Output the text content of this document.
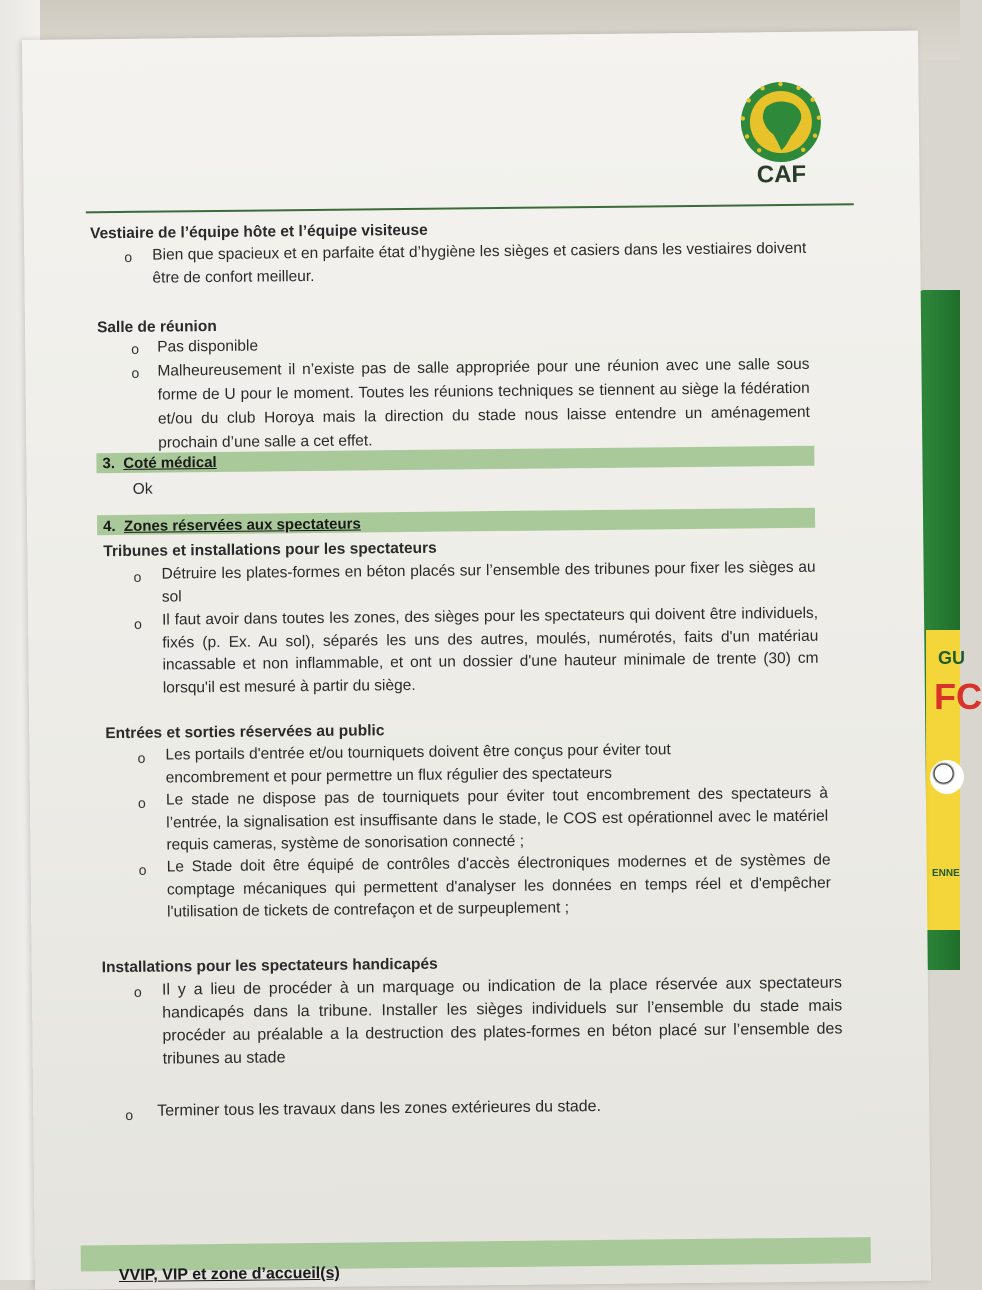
GU
FC
ENNE
CAF
Vestiaire de l’équipe hôte et l’équipe visiteuse
o Bien que spacieux et en parfaite état d’hygiène les sièges et casiers dans les vestiaires doivent être de confort meilleur.
Salle de réunion
o Pas disponible
o Malheureusement il n’existe pas de salle appropriée pour une réunion avec une salle sous forme de U pour le moment. Toutes les réunions techniques se tiennent au siège la fédération et/ou du club Horoya mais la direction du stade nous laisse entendre un aménagement prochain d’une salle a cet effet.
3. Coté médical
Ok
4. Zones réservées aux spectateurs
Tribunes et installations pour les spectateurs
o Détruire les plates-formes en béton placés sur l’ensemble des tribunes pour fixer les sièges au sol
o Il faut avoir dans toutes les zones, des sièges pour les spectateurs qui doivent être individuels, fixés (p. Ex. Au sol), séparés les uns des autres, moulés, numérotés, faits d'un matériau incassable et non inflammable, et ont un dossier d'une hauteur minimale de trente (30) cm lorsqu'il est mesuré à partir du siège.
Entrées et sorties réservées au public
o Les portails d'entrée et/ou tourniquets doivent être conçus pour éviter tout encombrement et pour permettre un flux régulier des spectateurs
o Le stade ne dispose pas de tourniquets pour éviter tout encombrement des spectateurs à l’entrée, la signalisation est insuffisante dans le stade, le COS est opérationnel avec le matériel requis cameras, système de sonorisation connecté ;
o Le Stade doit être équipé de contrôles d'accès électroniques modernes et de systèmes de comptage mécaniques qui permettent d'analyser les données en temps réel et d'empêcher l'utilisation de tickets de contrefaçon et de surpeuplement ;
Installations pour les spectateurs handicapés
o Il y a lieu de procéder à un marquage ou indication de la place réservée aux spectateurs handicapés dans la tribune. Installer les sièges individuels sur l’ensemble du stade mais procéder au préalable a la destruction des plates-formes en béton placé sur l’ensemble des tribunes au stade
o Terminer tous les travaux dans les zones extérieures du stade.
VVIP, VIP et zone d’accueil(s)
